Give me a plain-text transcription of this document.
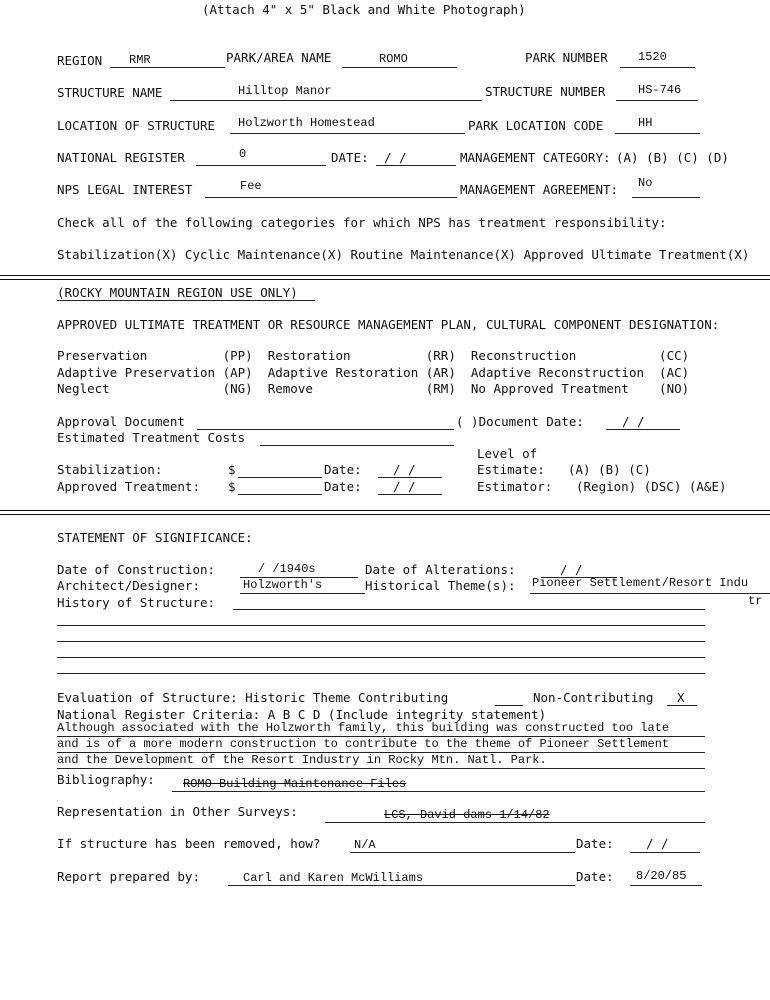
(Attach 4" x 5" Black and White Photograph)
REGION RMR	PARK/AREA NAME	ROMO	PARK NUMBER	1520
STRUCTURE NAME	Hilltop Manor	STRUCTURE NUMBER	HS-746
LOCATION OF STRUCTURE Holzworth Homestead	PARK LOCATION CODE	HH
NATIONAL REGISTER	0	DATE: / /	MANAGEMENT CATEGORY: (A) (B) (C) (D)
NPS LEGAL INTEREST	Fee	MANAGEMENT AGREEMENT: No
Check all of the following categories for which NPS has treatment responsibility:
Stabilization(X) Cyclic Maintenance(X) Routine Maintenance(X) Approved Ultimate Treatment(X)
(ROCKY MOUNTAIN REGION USE ONLY)
APPROVED ULTIMATE TREATMENT OR RESOURCE MANAGEMENT PLAN, CULTURAL COMPONENT DESIGNATION:
Preservation          (PP)  Restoration          (RR)  Reconstruction           (CC)
Adaptive Preservation (AP)  Adaptive Restoration (AR)  Adaptive Reconstruction  (AC)
Neglect               (NG)  Remove               (RM)  No Approved Treatment    (NO)
Approval Document	( )Document Date:	/ /
Estimated Treatment Costs
Level of
Stabilization:	$	Date:	/ /	Estimate: (A) (B) (C)
Approved Treatment: $	Date:	/ /	Estimator: (Region) (DSC) (A&E)
STATEMENT OF SIGNIFICANCE:
Date of Construction:	/ /1940s	Date of Alterations:	/ /
Architect/Designer:	Holzworth's	Historical Theme(s): Pioneer Settlement/Resort Indu
tr
History of Structure:
Evaluation of Structure: Historic Theme Contributing	Non-Contributing X
National Register Criteria: A B C D (Include integrity statement)
Although associated with the Holzworth family, this building was constructed too late
and is of a more modern construction to contribute to the theme of Pioneer Settlement
and the Development of the Resort Industry in Rocky Mtn. Natl. Park.
Bibliography: ROMO Building Maintenance Files
Representation in Other Surveys:	LCS, David dams 1/14/82
If structure has been removed, how?	N/A	Date:	/ /
Report prepared by:	Carl and Karen McWilliams	Date: 8/20/85
